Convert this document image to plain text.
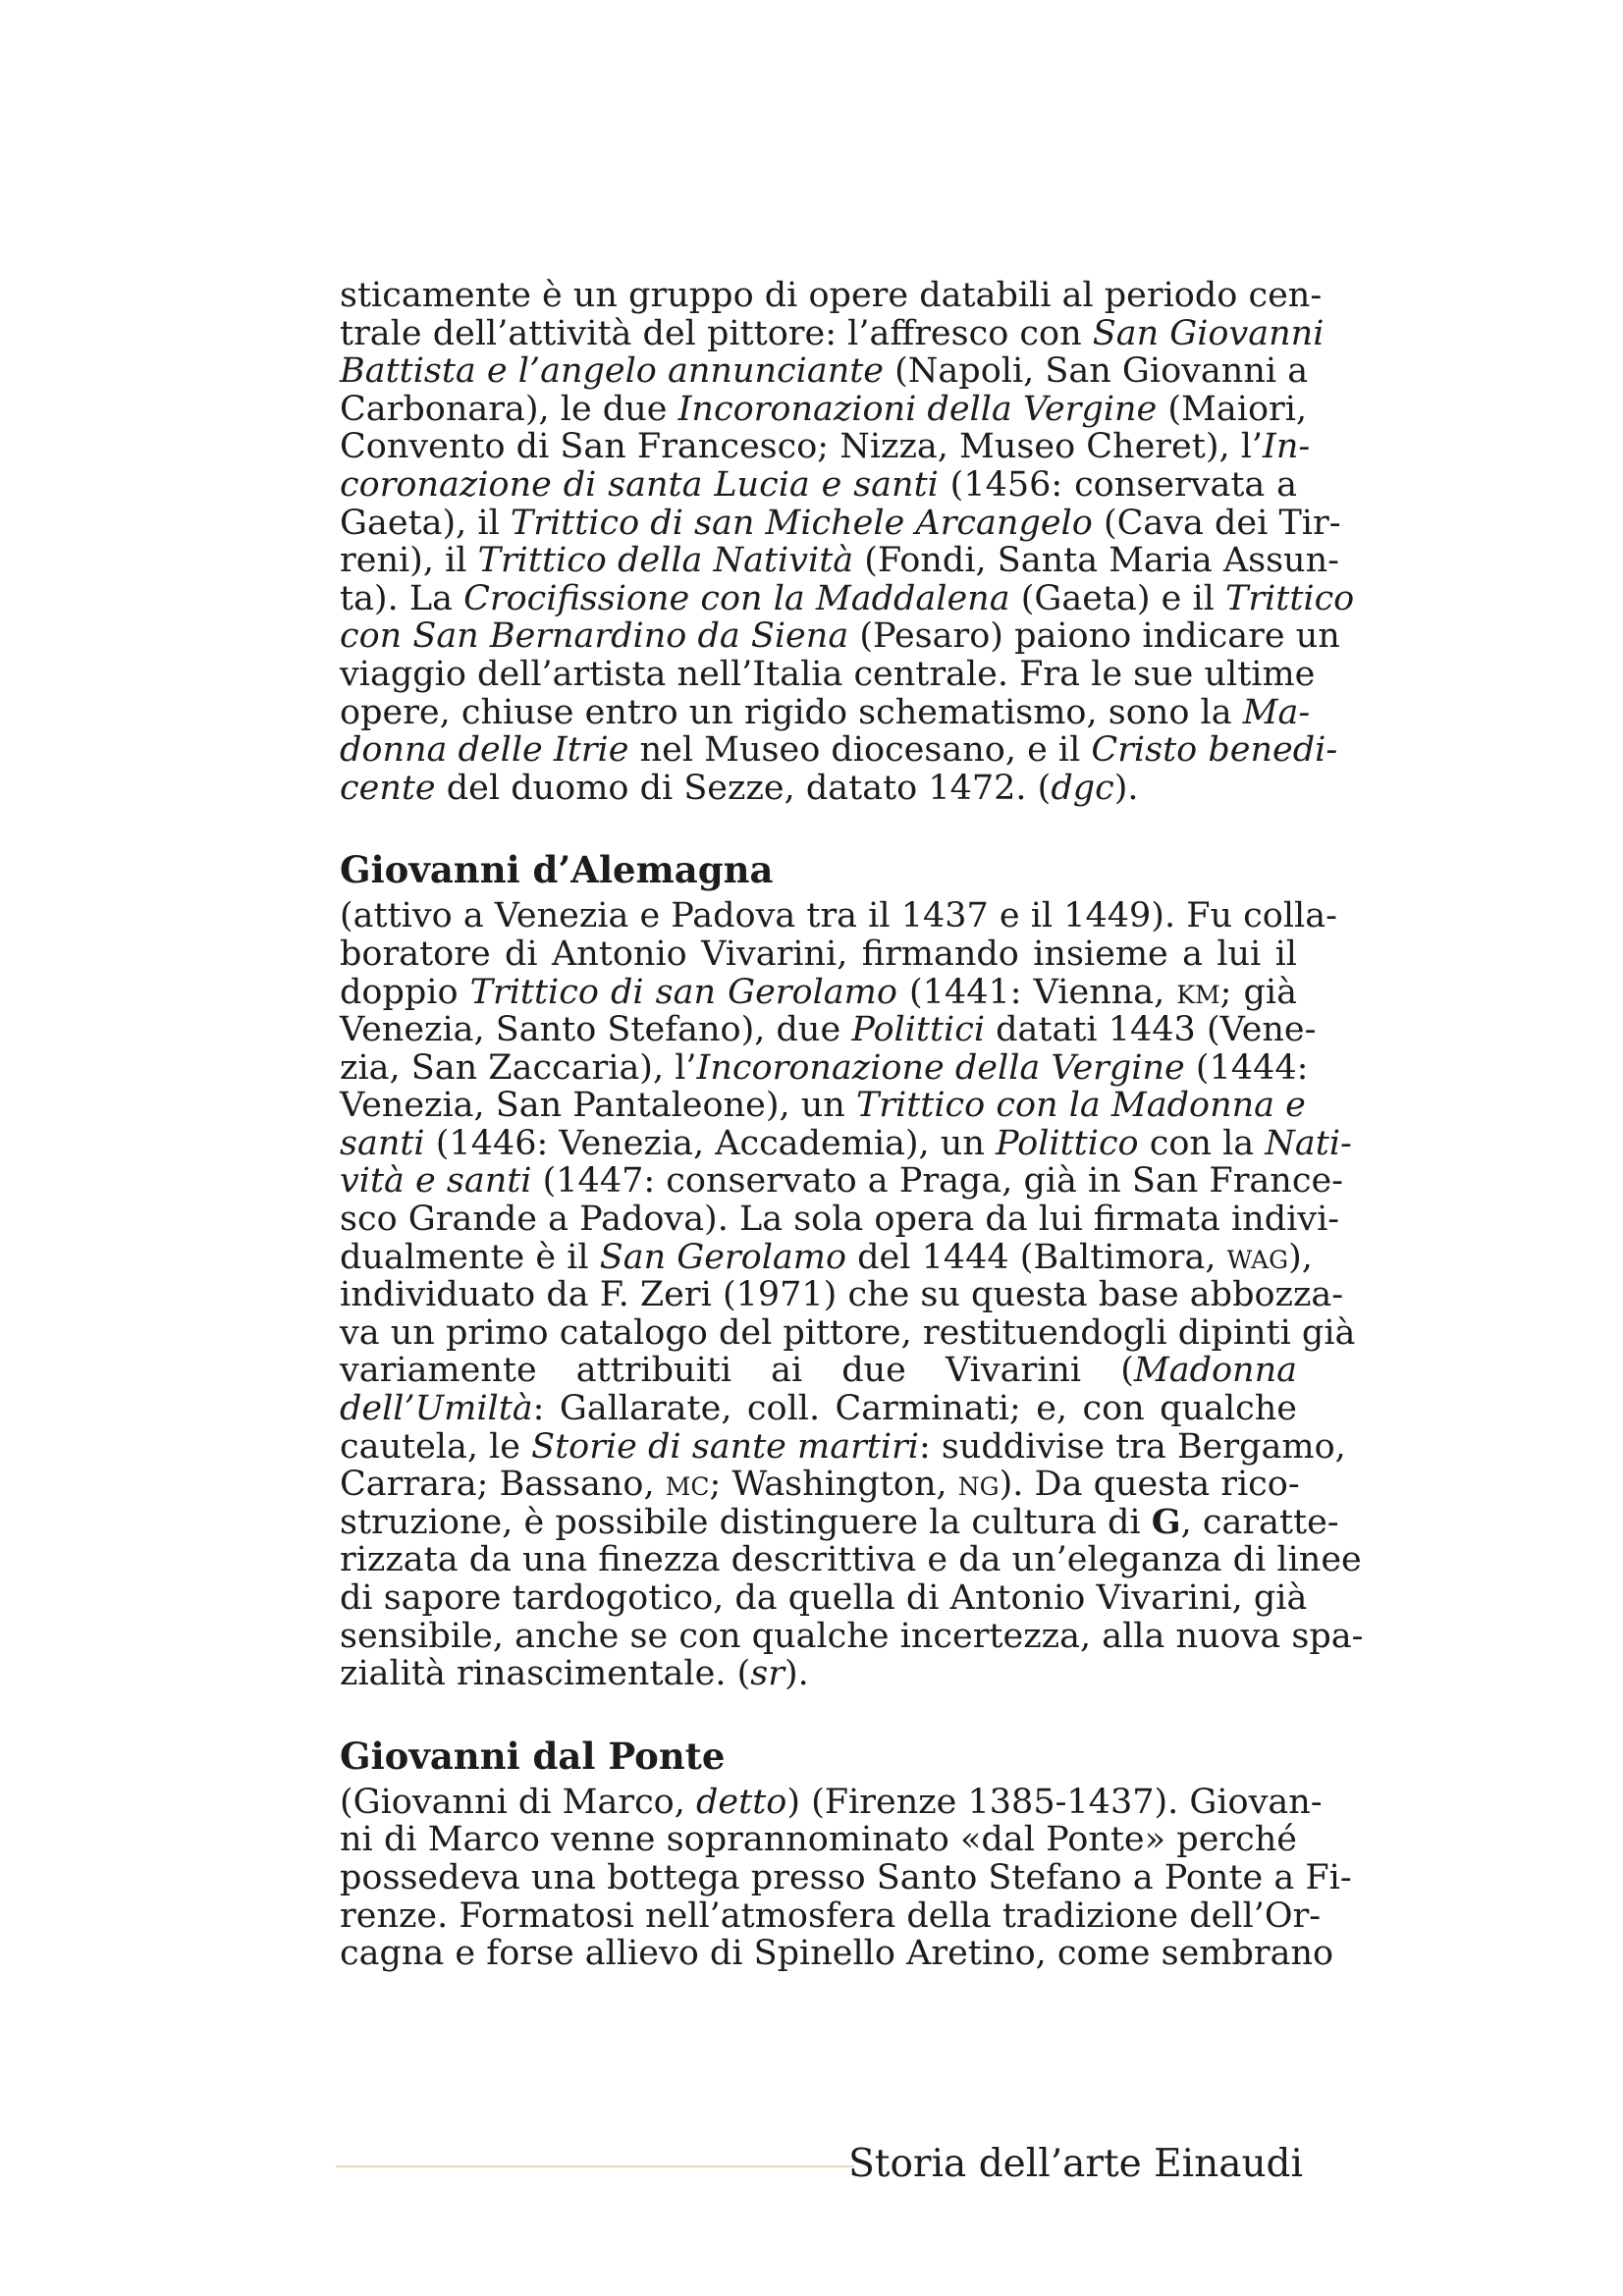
sticamente è un gruppo di opere databili al periodo cen-
trale dell’attività del pittore: l’affresco con San Giovanni
Battista e l’angelo annunciante (Napoli, San Giovanni a
Carbonara), le due Incoronazioni della Vergine (Maiori,
Convento di San Francesco; Nizza, Museo Cheret), l’In-
coronazione di santa Lucia e santi (1456: conservata a
Gaeta), il Trittico di san Michele Arcangelo (Cava dei Tir-
reni), il Trittico della Natività (Fondi, Santa Maria Assun-
ta). La Crocifissione con la Maddalena (Gaeta) e il Trittico
con San Bernardino da Siena (Pesaro) paiono indicare un
viaggio dell’artista nell’Italia centrale. Fra le sue ultime
opere, chiuse entro un rigido schematismo, sono la Ma-
donna delle Itrie nel Museo diocesano, e il Cristo benedi-
cente del duomo di Sezze, datato 1472. (dgc).
Giovanni d’Alemagna
(attivo a Venezia e Padova tra il 1437 e il 1449). Fu colla-
boratore di Antonio Vivarini, firmando insieme a lui il
doppio Trittico di san Gerolamo (1441: Vienna, km; già
Venezia, Santo Stefano), due Polittici datati 1443 (Vene-
zia, San Zaccaria), l’Incoronazione della Vergine (1444:
Venezia, San Pantaleone), un Trittico con la Madonna e
santi (1446: Venezia, Accademia), un Polittico con la Nati-
vità e santi (1447: conservato a Praga, già in San France-
sco Grande a Padova). La sola opera da lui firmata indivi-
dualmente è il San Gerolamo del 1444 (Baltimora, wag),
individuato da F. Zeri (1971) che su questa base abbozza-
va un primo catalogo del pittore, restituendogli dipinti già
variamente attribuiti ai due Vivarini (Madonna
dell’Umiltà: Gallarate, coll. Carminati; e, con qualche
cautela, le Storie di sante martiri: suddivise tra Bergamo,
Carrara; Bassano, mc; Washington, ng). Da questa rico-
struzione, è possibile distinguere la cultura di G, caratte-
rizzata da una finezza descrittiva e da un’eleganza di linee
di sapore tardogotico, da quella di Antonio Vivarini, già
sensibile, anche se con qualche incertezza, alla nuova spa-
zialità rinascimentale. (sr).
Giovanni dal Ponte
(Giovanni di Marco, detto) (Firenze 1385-1437). Giovan-
ni di Marco venne soprannominato «dal Ponte» perché
possedeva una bottega presso Santo Stefano a Ponte a Fi-
renze. Formatosi nell’atmosfera della tradizione dell’Or-
cagna e forse allievo di Spinello Aretino, come sembrano
Storia dell’arte Einaudi
